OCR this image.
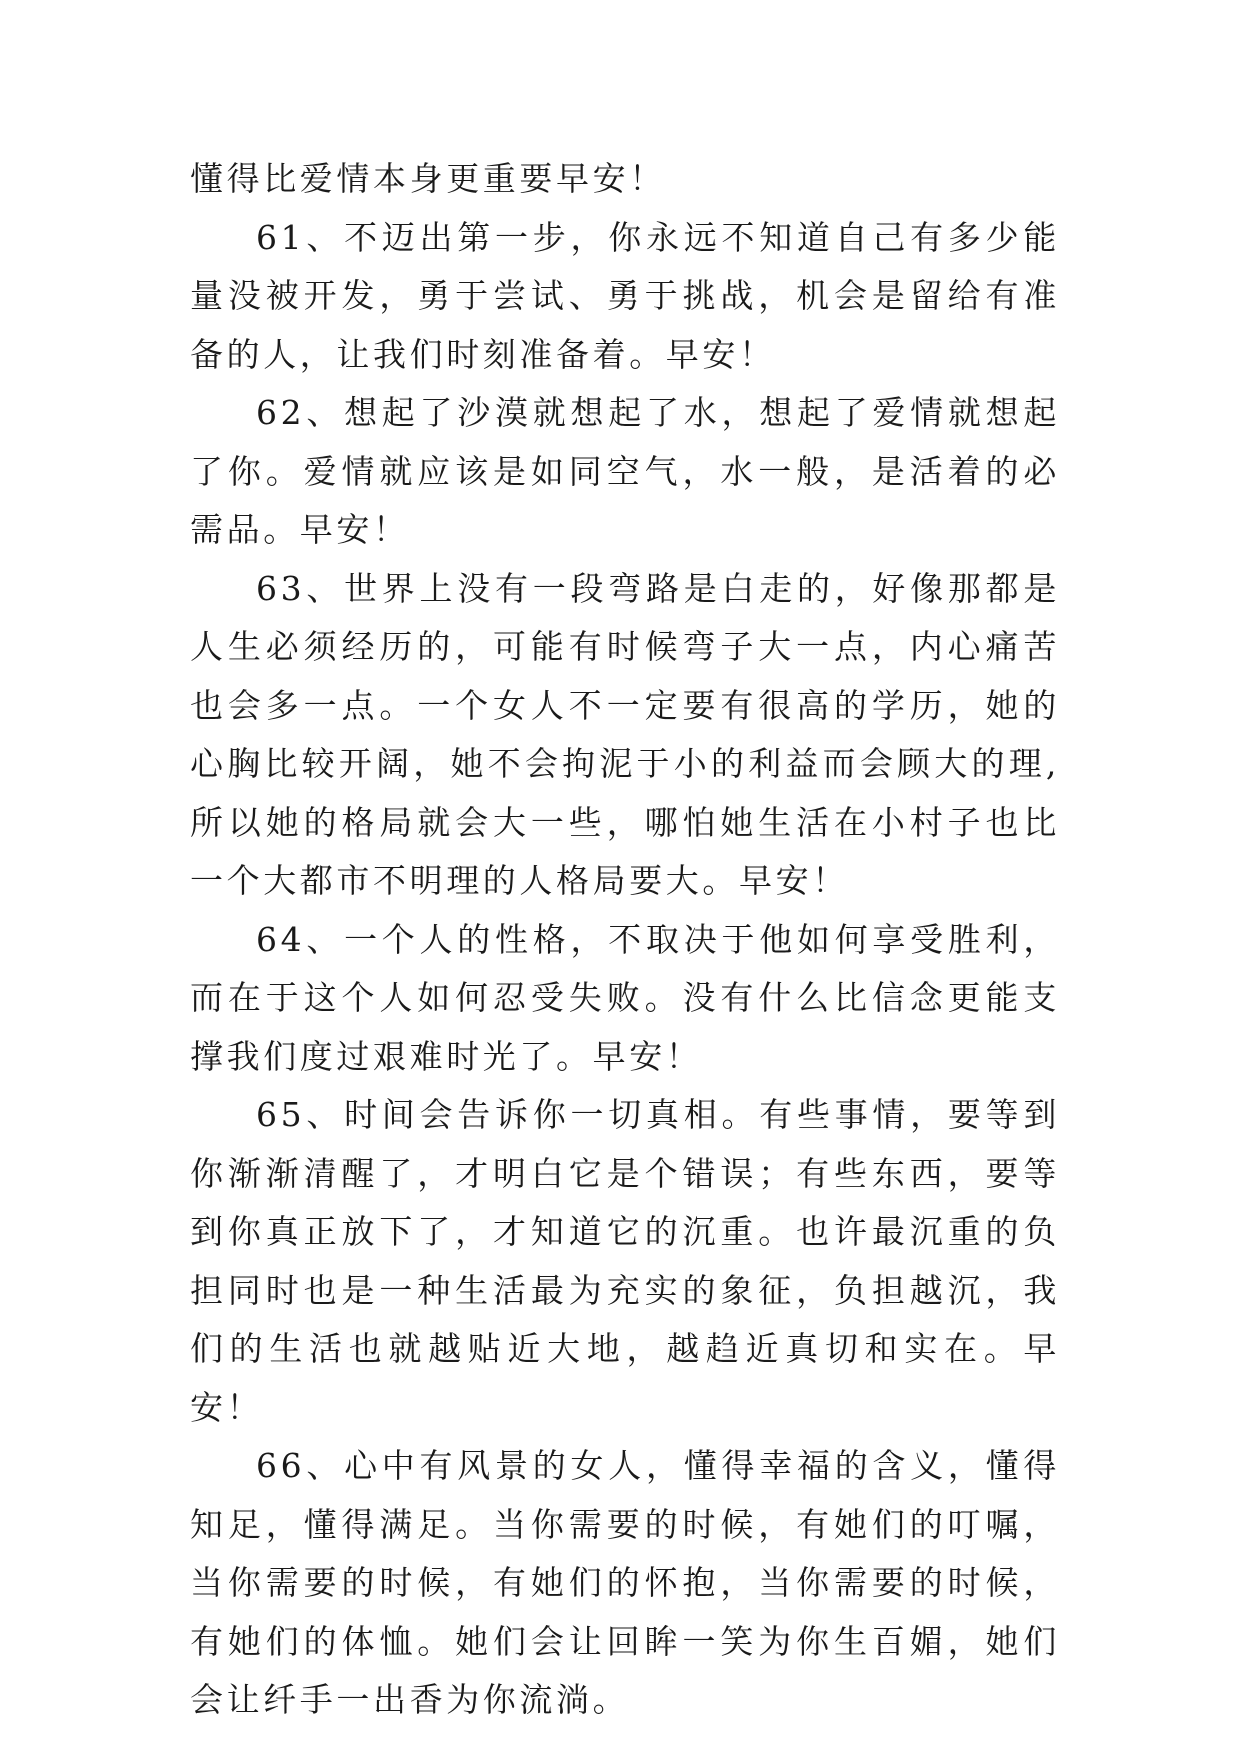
懂得比爱情本身更重要早安！

61、不迈出第一步，你永远不知道自己有多少能量没被开发，勇于尝试、勇于挑战，机会是留给有准备的人，让我们时刻准备着。早安！

62、想起了沙漠就想起了水，想起了爱情就想起了你。爱情就应该是如同空气，水一般，是活着的必需品。早安！

63、世界上没有一段弯路是白走的，好像那都是人生必须经历的，可能有时候弯子大一点，内心痛苦也会多一点。一个女人不一定要有很高的学历，她的心胸比较开阔，她不会拘泥于小的利益而会顾大的理,所以她的格局就会大一些，哪怕她生活在小村子也比一个大都市不明理的人格局要大。早安！

64、一个人的性格，不取决于他如何享受胜利，而在于这个人如何忍受失败。没有什么比信念更能支撑我们度过艰难时光了。早安！

65、时间会告诉你一切真相。有些事情，要等到你渐渐清醒了，才明白它是个错误；有些东西，要等到你真正放下了，才知道它的沉重。也许最沉重的负担同时也是一种生活最为充实的象征，负担越沉，我们的生活也就越贴近大地，越趋近真切和实在。早安！

66、心中有风景的女人，懂得幸福的含义，懂得知足，懂得满足。当你需要的时候，有她们的叮嘱，当你需要的时候，有她们的怀抱，当你需要的时候，有她们的体恤。她们会让回眸一笑为你生百媚，她们会让纤手一出香为你流淌。
